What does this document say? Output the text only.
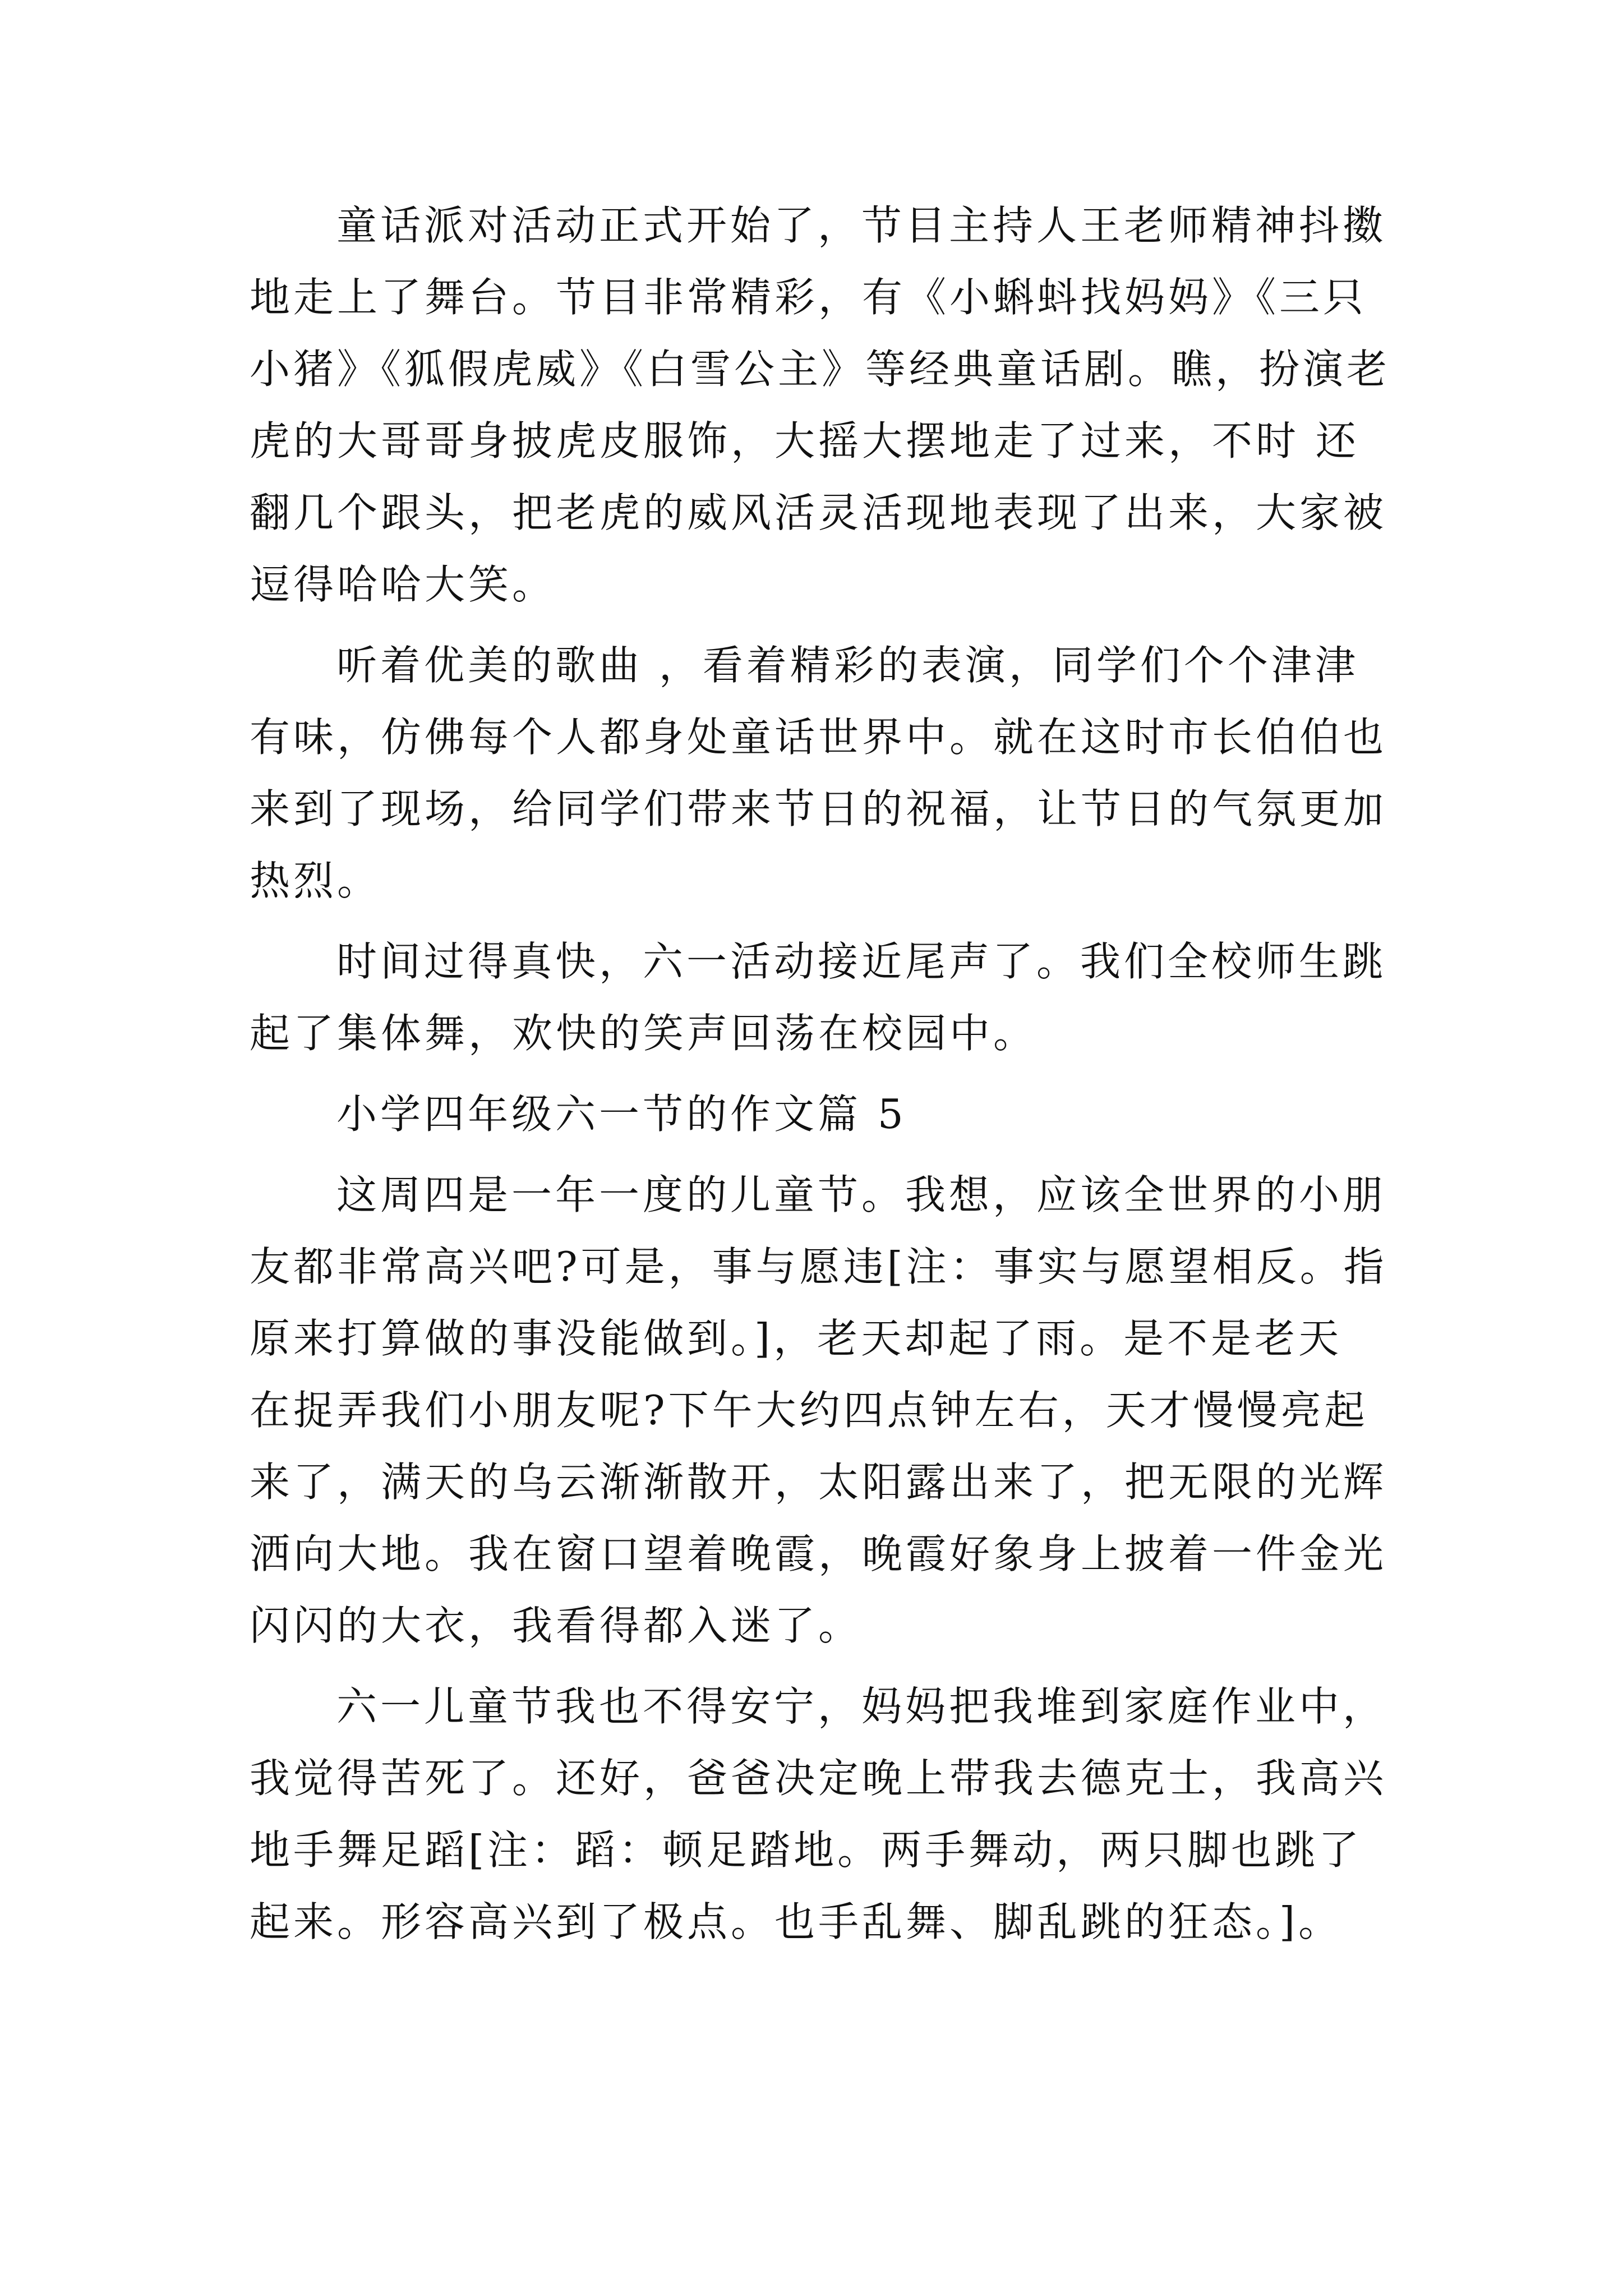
童话派对活动正式开始了，节目主持人王老师精神抖擞
地走上了舞台。节目非常精彩，有《小蝌蚪找妈妈》《三只
小猪》《狐假虎威》《白雪公主》等经典童话剧。瞧，扮演老
虎的大哥哥身披虎皮服饰，大摇大摆地走了过来，不时 还
翻几个跟头，把老虎的威风活灵活现地表现了出来，大家被
逗得哈哈大笑。
听着优美的歌曲 ，看着精彩的表演，同学们个个津津
有味，仿佛每个人都身处童话世界中。就在这时市长伯伯也
来到了现场，给同学们带来节日的祝福，让节日的气氛更加
热烈。
时间过得真快，六一活动接近尾声了。我们全校师生跳
起了集体舞，欢快的笑声回荡在校园中。
小学四年级六一节的作文篇 5
这周四是一年一度的儿童节。我想，应该全世界的小朋
友都非常高兴吧?可是，事与愿违[注：事实与愿望相反。指
原来打算做的事没能做到。]，老天却起了雨。是不是老天
在捉弄我们小朋友呢?下午大约四点钟左右，天才慢慢亮起
来了，满天的乌云渐渐散开，太阳露出来了，把无限的光辉
洒向大地。我在窗口望着晚霞，晚霞好象身上披着一件金光
闪闪的大衣，我看得都入迷了。
六一儿童节我也不得安宁，妈妈把我堆到家庭作业中，
我觉得苦死了。还好，爸爸决定晚上带我去德克士，我高兴
地手舞足蹈[注：蹈：顿足踏地。两手舞动，两只脚也跳了
起来。形容高兴到了极点。也手乱舞、脚乱跳的狂态。]。
